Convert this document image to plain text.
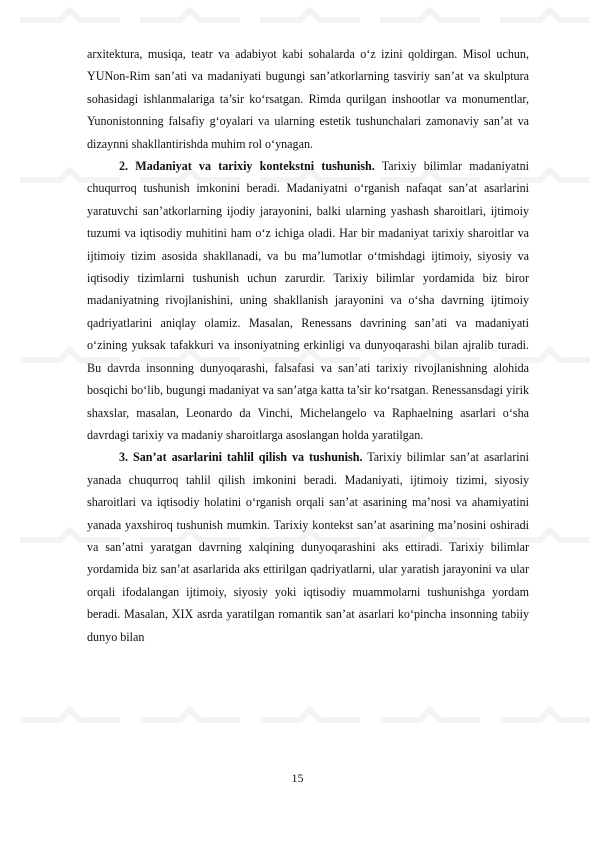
arxitektura, musiqa, teatr va adabiyot kabi sohalarda o‘z izini qoldirgan. Misol uchun, YUNon-Rim san’ati va madaniyati bugungi san’atkorlarning tasviriy san’at va skulptura sohasidagi ishlanmalariga ta’sir ko‘rsatgan. Rimda qurilgan inshootlar va monumentlar, Yunonistonning falsafiy g‘oyalari va ularning estetik tushunchalari zamonaviy san’at va dizaynni shakllantirishda muhim rol o‘ynagan.

2. Madaniyat va tarixiy kontekstni tushunish. Tarixiy bilimlar madaniyatni chuqurroq tushunish imkonini beradi. Madaniyatni o‘rganish nafaqat san’at asarlarini yaratuvchi san’atkorlarning ijodiy jarayonini, balki ularning yashash sharoitlari, ijtimoiy tuzumi va iqtisodiy muhitini ham o‘z ichiga oladi. Har bir madaniyat tarixiy sharoitlar va ijtimoiy tizim asosida shakllanadi, va bu ma’lumotlar o‘tmishdagi ijtimoiy, siyosiy va iqtisodiy tizimlarni tushunish uchun zarurdir. Tarixiy bilimlar yordamida biz biror madaniyatning rivojlanishini, uning shakllanish jarayonini va o‘sha davrning ijtimoiy qadriyatlarini aniqlay olamiz. Masalan, Renessans davrining san’ati va madaniyati o‘zining yuksak tafakkuri va insoniyatning erkinligi va dunyoqarashi bilan ajralib turadi. Bu davrda insonning dunyoqarashi, falsafasi va san’ati tarixiy rivojlanishning alohida bosqichi bo‘lib, bugungi madaniyat va san’atga katta ta’sir ko‘rsatgan. Renessansdagi yirik shaxslar, masalan, Leonardo da Vinchi, Michelangelo va Raphaelning asarlari o‘sha davrdagi tarixiy va madaniy sharoitlarga asoslangan holda yaratilgan.

3. San’at asarlarini tahlil qilish va tushunish. Tarixiy bilimlar san’at asarlarini yanada chuqurroq tahlil qilish imkonini beradi. Madaniyati, ijtimoiy tizimi, siyosiy sharoitlari va iqtisodiy holatini o‘rganish orqali san’at asarining ma’nosi va ahamiyatini yanada yaxshiroq tushunish mumkin. Tarixiy kontekst san’at asarining ma’nosini oshiradi va san’atni yaratgan davrning xalqining dunyoqarashini aks ettiradi. Tarixiy bilimlar yordamida biz san’at asarlarida aks ettirilgan qadriyatlarni, ular yaratish jarayonini va ular orqali ifodalangan ijtimoiy, siyosiy yoki iqtisodiy muammolarni tushunishga yordam beradi. Masalan, XIX asrda yaratilgan romantik san’at asarlari ko‘pincha insonning tabiiy dunyo bilan

15
